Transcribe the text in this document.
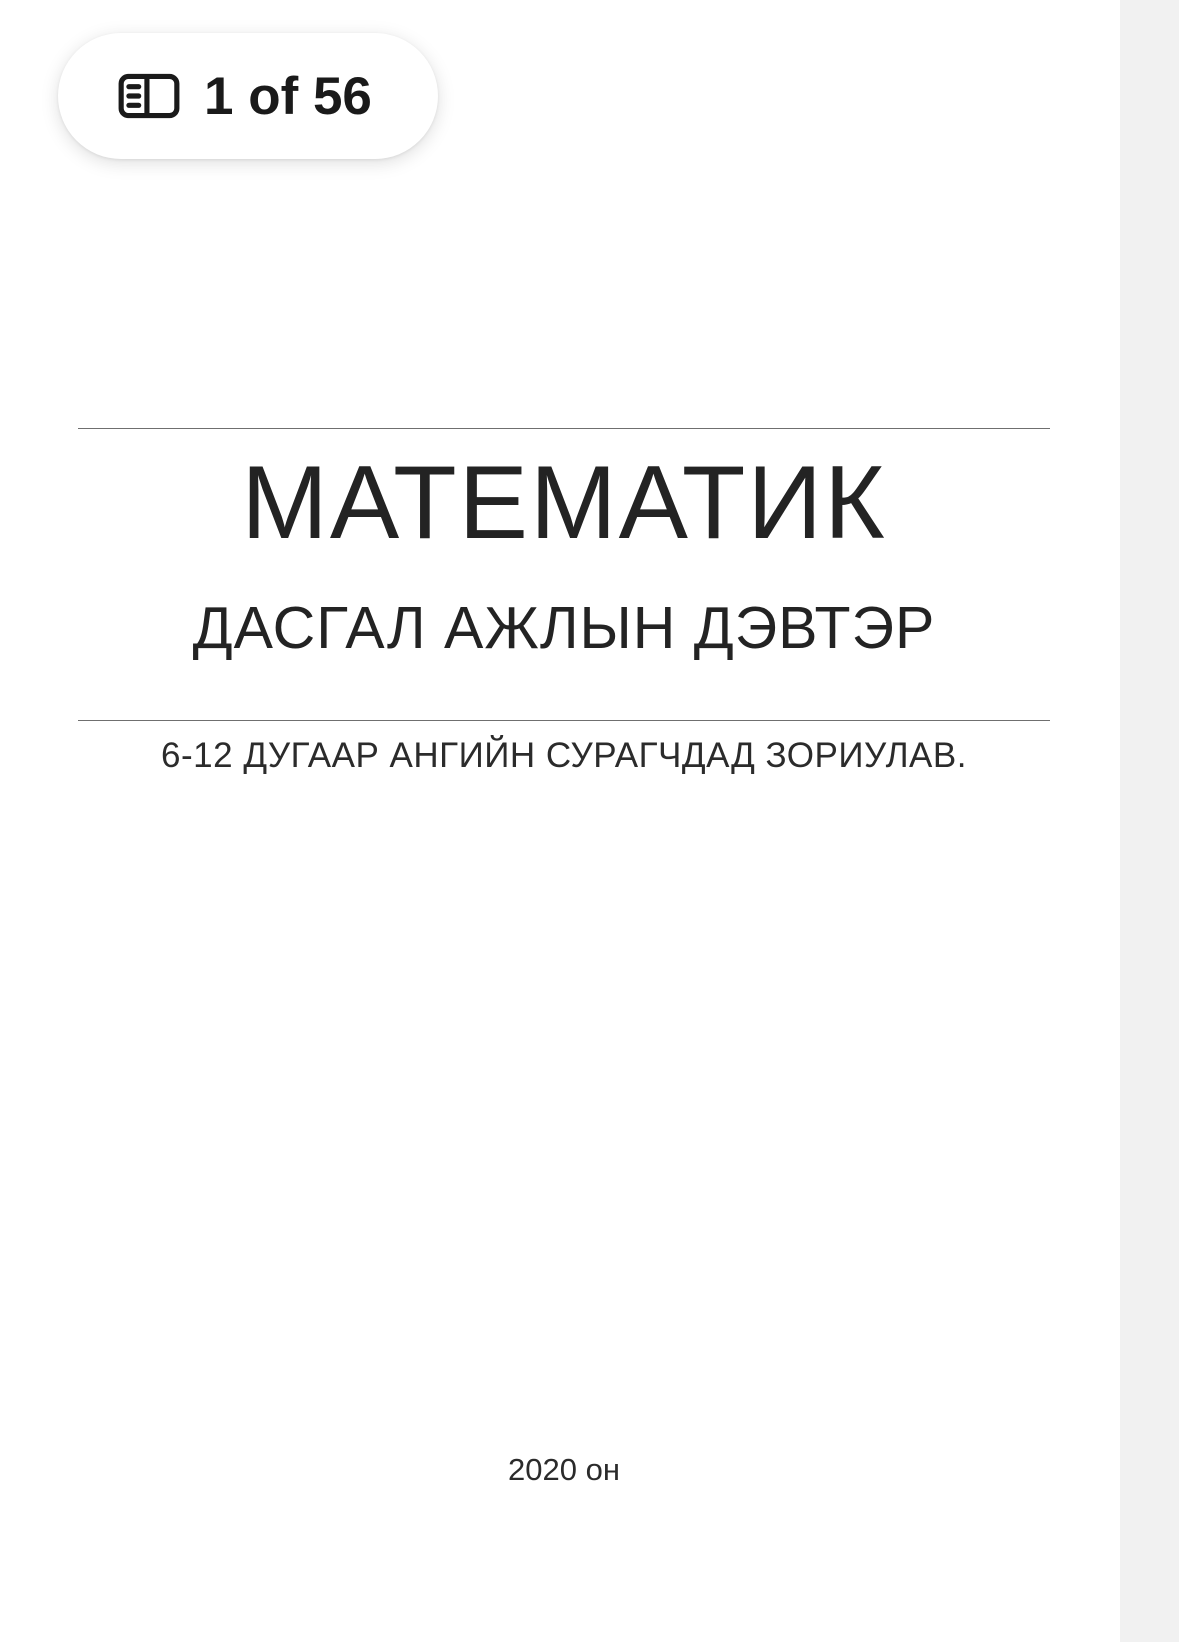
МАТЕМАТИК
ДАСГАЛ АЖЛЫН ДЭВТЭР
6-12 ДУГААР АНГИЙН СУРАГЧДАД ЗОРИУЛАВ.
2020 он
1 of 56
